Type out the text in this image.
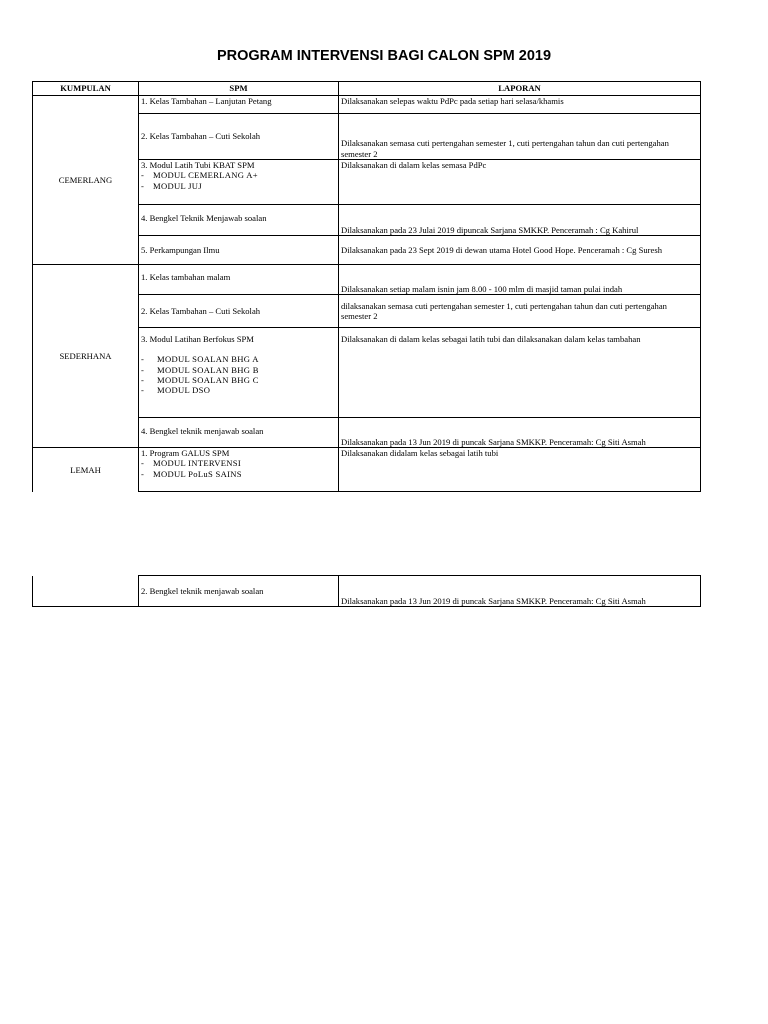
PROGRAM INTERVENSI BAGI CALON SPM 2019
KUMPULAN	SPM	LAPORAN
CEMERLANG	1. Kelas Tambahan – Lanjutan Petang	Dilaksanakan selepas waktu PdPc pada setiap hari selasa/khamis
	2. Kelas Tambahan – Cuti Sekolah	Dilaksanakan semasa cuti pertengahan semester 1, cuti pertengahan tahun dan cuti pertengahan semester 2
	3. Modul Latih Tubi KBAT SPM
- MODUL CEMERLANG A+
- MODUL JUJ	Dilaksanakan di dalam kelas semasa PdPc
	4. Bengkel Teknik Menjawab soalan	Dilaksanakan pada 23 Julai 2019 dipuncak Sarjana SMKKP. Penceramah : Cg Kahirul
	5. Perkampungan Ilmu	Dilaksanakan pada 23 Sept 2019 di dewan utama Hotel Good Hope. Penceramah : Cg Suresh
SEDERHANA	1. Kelas tambahan malam	Dilaksanakan setiap malam isnin jam 8.00 - 100 mlm di masjid taman pulai indah
	2. Kelas Tambahan – Cuti Sekolah	dilaksanakan semasa cuti pertengahan semester 1, cuti pertengahan tahun dan cuti pertengahan semester 2
	3. Modul Latihan Berfokus SPM
- MODUL SOALAN BHG A
- MODUL SOALAN BHG B
- MODUL SOALAN BHG C
- MODUL DSO	Dilaksanakan di dalam kelas sebagai latih tubi dan dilaksanakan dalam kelas tambahan
	4. Bengkel teknik menjawab soalan	Dilaksanakan pada 13 Jun 2019 di puncak Sarjana SMKKP. Penceramah: Cg Siti Asmah
LEMAH	1. Program GALUS SPM
- MODUL INTERVENSI
- MODUL PoLuS SAINS	Dilaksanakan didalam kelas sebagai latih tubi
	2. Bengkel teknik menjawab soalan	Dilaksanakan pada 13 Jun 2019 di puncak Sarjana SMKKP. Penceramah: Cg Siti Asmah
